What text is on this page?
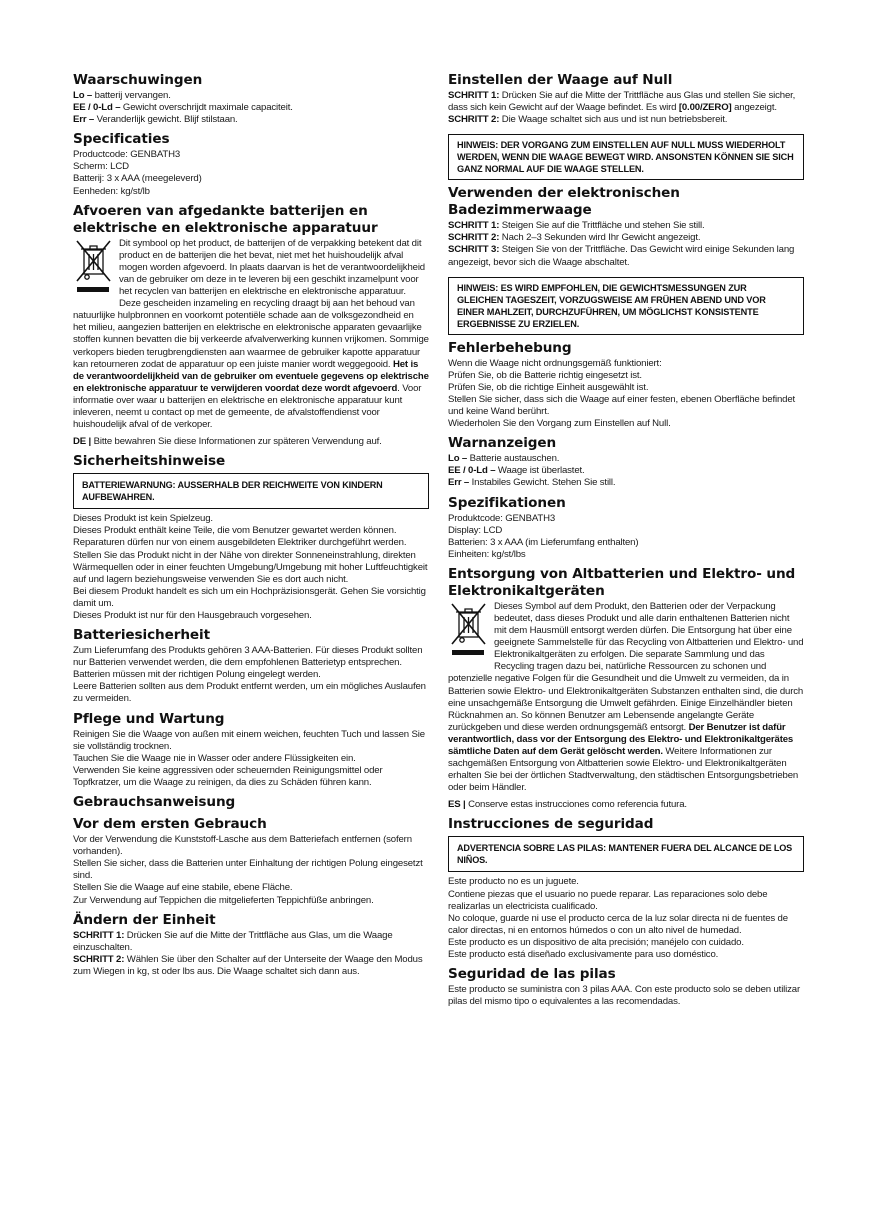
Waarschuwingen

Lo – batterij vervangen.

EE / 0-Ld – Gewicht overschrijdt maximale capaciteit.

Err – Veranderlijk gewicht. Blijf stilstaan.

Specificaties

Productcode: GENBATH3

Scherm: LCD

Batterij: 3 x AAA (meegeleverd)

Eenheden: kg/st/lb

Afvoeren van afgedankte batterijen en elektrische en elektronische apparatuur

Dit symbool op het product, de batterijen of de verpakking betekent dat dit product en de batterijen die het bevat, niet met het huishoudelijk afval mogen worden afgevoerd. In plaats daarvan is het de verantwoordelijkheid van de gebruiker om deze in te leveren bij een geschikt inzamelpunt voor het recyclen van batterijen en elektrische en elektronische apparatuur. Deze gescheiden inzameling en recycling draagt bij aan het behoud van natuurlijke hulpbronnen en voorkomt potentiële schade aan de volksgezondheid en het milieu, aangezien batterijen en elektrische en elektronische apparaten gevaarlijke stoffen kunnen bevatten die bij verkeerde afvalverwerking kunnen vrijkomen. Sommige verkopers bieden terugbrengdiensten aan waarmee de gebruiker kapotte apparatuur kan retourneren zodat de apparatuur op een juiste manier wordt weggegooid. Het is de verantwoordelijkheid van de gebruiker om eventuele gegevens op elektrische en elektronische apparatuur te verwijderen voordat deze wordt afgevoerd. Voor informatie over waar u batterijen en elektrische en elektronische apparatuur kunt inleveren, neemt u contact op met de gemeente, de afvalstoffendienst voor huishoudelijk afval of de verkoper.

DE | Bitte bewahren Sie diese Informationen zur späteren Verwendung auf.

Sicherheitshinweise
BATTERIEWARNUNG: AUSSERHALB DER REICHWEITE VON KINDERN AUFBEWAHREN.

Dieses Produkt ist kein Spielzeug.

Dieses Produkt enthält keine Teile, die vom Benutzer gewartet werden können. Reparaturen dürfen nur von einem ausgebildeten Elektriker durchgeführt werden.

Stellen Sie das Produkt nicht in der Nähe von direkter Sonneneinstrahlung, direkten Wärmequellen oder in einer feuchten Umgebung/Umgebung mit hoher Luftfeuchtigkeit auf und lagern beziehungsweise verwenden Sie es dort auch nicht.

Bei diesem Produkt handelt es sich um ein Hochpräzisionsgerät. Gehen Sie vorsichtig damit um.

Dieses Produkt ist nur für den Hausgebrauch vorgesehen.

Batteriesicherheit

Zum Lieferumfang des Produkts gehören 3 AAA-Batterien. Für dieses Produkt sollten nur Batterien verwendet werden, die dem empfohlenen Batterietyp entsprechen.

Batterien müssen mit der richtigen Polung eingelegt werden.

Leere Batterien sollten aus dem Produkt entfernt werden, um ein mögliches Auslaufen zu vermeiden.

Pflege und Wartung

Reinigen Sie die Waage von außen mit einem weichen, feuchten Tuch und lassen Sie sie vollständig trocknen.

Tauchen Sie die Waage nie in Wasser oder andere Flüssigkeiten ein.

Verwenden Sie keine aggressiven oder scheuernden Reinigungsmittel oder Topfkratzer, um die Waage zu reinigen, da dies zu Schäden führen kann.

Gebrauchsanweisung
Vor dem ersten Gebrauch

Vor der Verwendung die Kunststoff-Lasche aus dem Batteriefach entfernen (sofern vorhanden).

Stellen Sie sicher, dass die Batterien unter Einhaltung der richtigen Polung eingesetzt sind.

Stellen Sie die Waage auf eine stabile, ebene Fläche.

Zur Verwendung auf Teppichen die mitgelieferten Teppichfüße anbringen.

Ändern der Einheit

SCHRITT 1: Drücken Sie auf die Mitte der Trittfläche aus Glas, um die Waage einzuschalten.

SCHRITT 2: Wählen Sie über den Schalter auf der Unterseite der Waage den Modus zum Wiegen in kg, st oder lbs aus. Die Waage schaltet sich dann aus.

Einstellen der Waage auf Null

SCHRITT 1: Drücken Sie auf die Mitte der Trittfläche aus Glas und stellen Sie sicher, dass sich kein Gewicht auf der Waage befindet. Es wird [0.00/ZERO] angezeigt.

SCHRITT 2: Die Waage schaltet sich aus und ist nun betriebsbereit.

HINWEIS: DER VORGANG ZUM EINSTELLEN AUF NULL MUSS WIEDERHOLT WERDEN, WENN DIE WAAGE BEWEGT WIRD. ANSONSTEN KÖNNEN SIE SICH GANZ NORMAL AUF DIE WAAGE STELLEN.
Verwenden der elektronischen Badezimmerwaage

SCHRITT 1: Steigen Sie auf die Trittfläche und stehen Sie still.

SCHRITT 2: Nach 2–3 Sekunden wird Ihr Gewicht angezeigt.

SCHRITT 3: Steigen Sie von der Trittfläche. Das Gewicht wird einige Sekunden lang angezeigt, bevor sich die Waage abschaltet.

HINWEIS: ES WIRD EMPFOHLEN, DIE GEWICHTSMESSUNGEN ZUR GLEICHEN TAGESZEIT, VORZUGSWEISE AM FRÜHEN ABEND UND VOR EINER MAHLZEIT, DURCHZUFÜHREN, UM MÖGLICHST KONSISTENTE ERGEBNISSE ZU ERZIELEN.
Fehlerbehebung

Wenn die Waage nicht ordnungsgemäß funktioniert:

Prüfen Sie, ob die Batterie richtig eingesetzt ist.

Prüfen Sie, ob die richtige Einheit ausgewählt ist.

Stellen Sie sicher, dass sich die Waage auf einer festen, ebenen Oberfläche befindet und keine Wand berührt.

Wiederholen Sie den Vorgang zum Einstellen auf Null.

Warnanzeigen

Lo – Batterie austauschen.

EE / 0-Ld – Waage ist überlastet.

Err – Instabiles Gewicht. Stehen Sie still.

Spezifikationen

Produktcode: GENBATH3

Display: LCD

Batterien: 3 x AAA (im Lieferumfang enthalten)

Einheiten: kg/st/lbs

Entsorgung von Altbatterien und Elektro- und Elektronikaltgeräten

Dieses Symbol auf dem Produkt, den Batterien oder der Verpackung bedeutet, dass dieses Produkt und alle darin enthaltenen Batterien nicht mit dem Hausmüll entsorgt werden dürfen. Die Entsorgung hat über eine geeignete Sammelstelle für das Recycling von Altbatterien und Elektro- und Elektronikaltgeräten zu erfolgen. Die separate Sammlung und das Recycling tragen dazu bei, natürliche Ressourcen zu schonen und potenzielle negative Folgen für die Gesundheit und die Umwelt zu vermeiden, da in Batterien sowie Elektro- und Elektronikaltgeräten Substanzen enthalten sind, die durch eine unsachgemäße Entsorgung die Umwelt gefährden. Einige Einzelhändler bieten Rücknahmen an. So können Benutzer am Lebensende angelangte Geräte zurückgeben und diese werden ordnungsgemäß entsorgt. Der Benutzer ist dafür verantwortlich, dass vor der Entsorgung des Elektro- und Elektronikaltgerätes sämtliche Daten auf dem Gerät gelöscht werden. Weitere Informationen zur sachgemäßen Entsorgung von Altbatterien sowie Elektro- und Elektronikaltgeräten erhalten Sie bei der örtlichen Stadtverwaltung, den städtischen Entsorgungsbetrieben oder beim Händler.

ES | Conserve estas instrucciones como referencia futura.

Instrucciones de seguridad
ADVERTENCIA SOBRE LAS PILAS: MANTENER FUERA DEL ALCANCE DE LOS NIÑOS.

Este producto no es un juguete.

Contiene piezas que el usuario no puede reparar. Las reparaciones solo debe realizarlas un electricista cualificado.

No coloque, guarde ni use el producto cerca de la luz solar directa ni de fuentes de calor directas, ni en entornos húmedos o con un alto nivel de humedad.

Este producto es un dispositivo de alta precisión; manéjelo con cuidado.

Este producto está diseñado exclusivamente para uso doméstico.

Seguridad de las pilas

Este producto se suministra con 3 pilas AAA. Con este producto solo se deben utilizar pilas del mismo tipo o equivalentes a las recomendadas.
